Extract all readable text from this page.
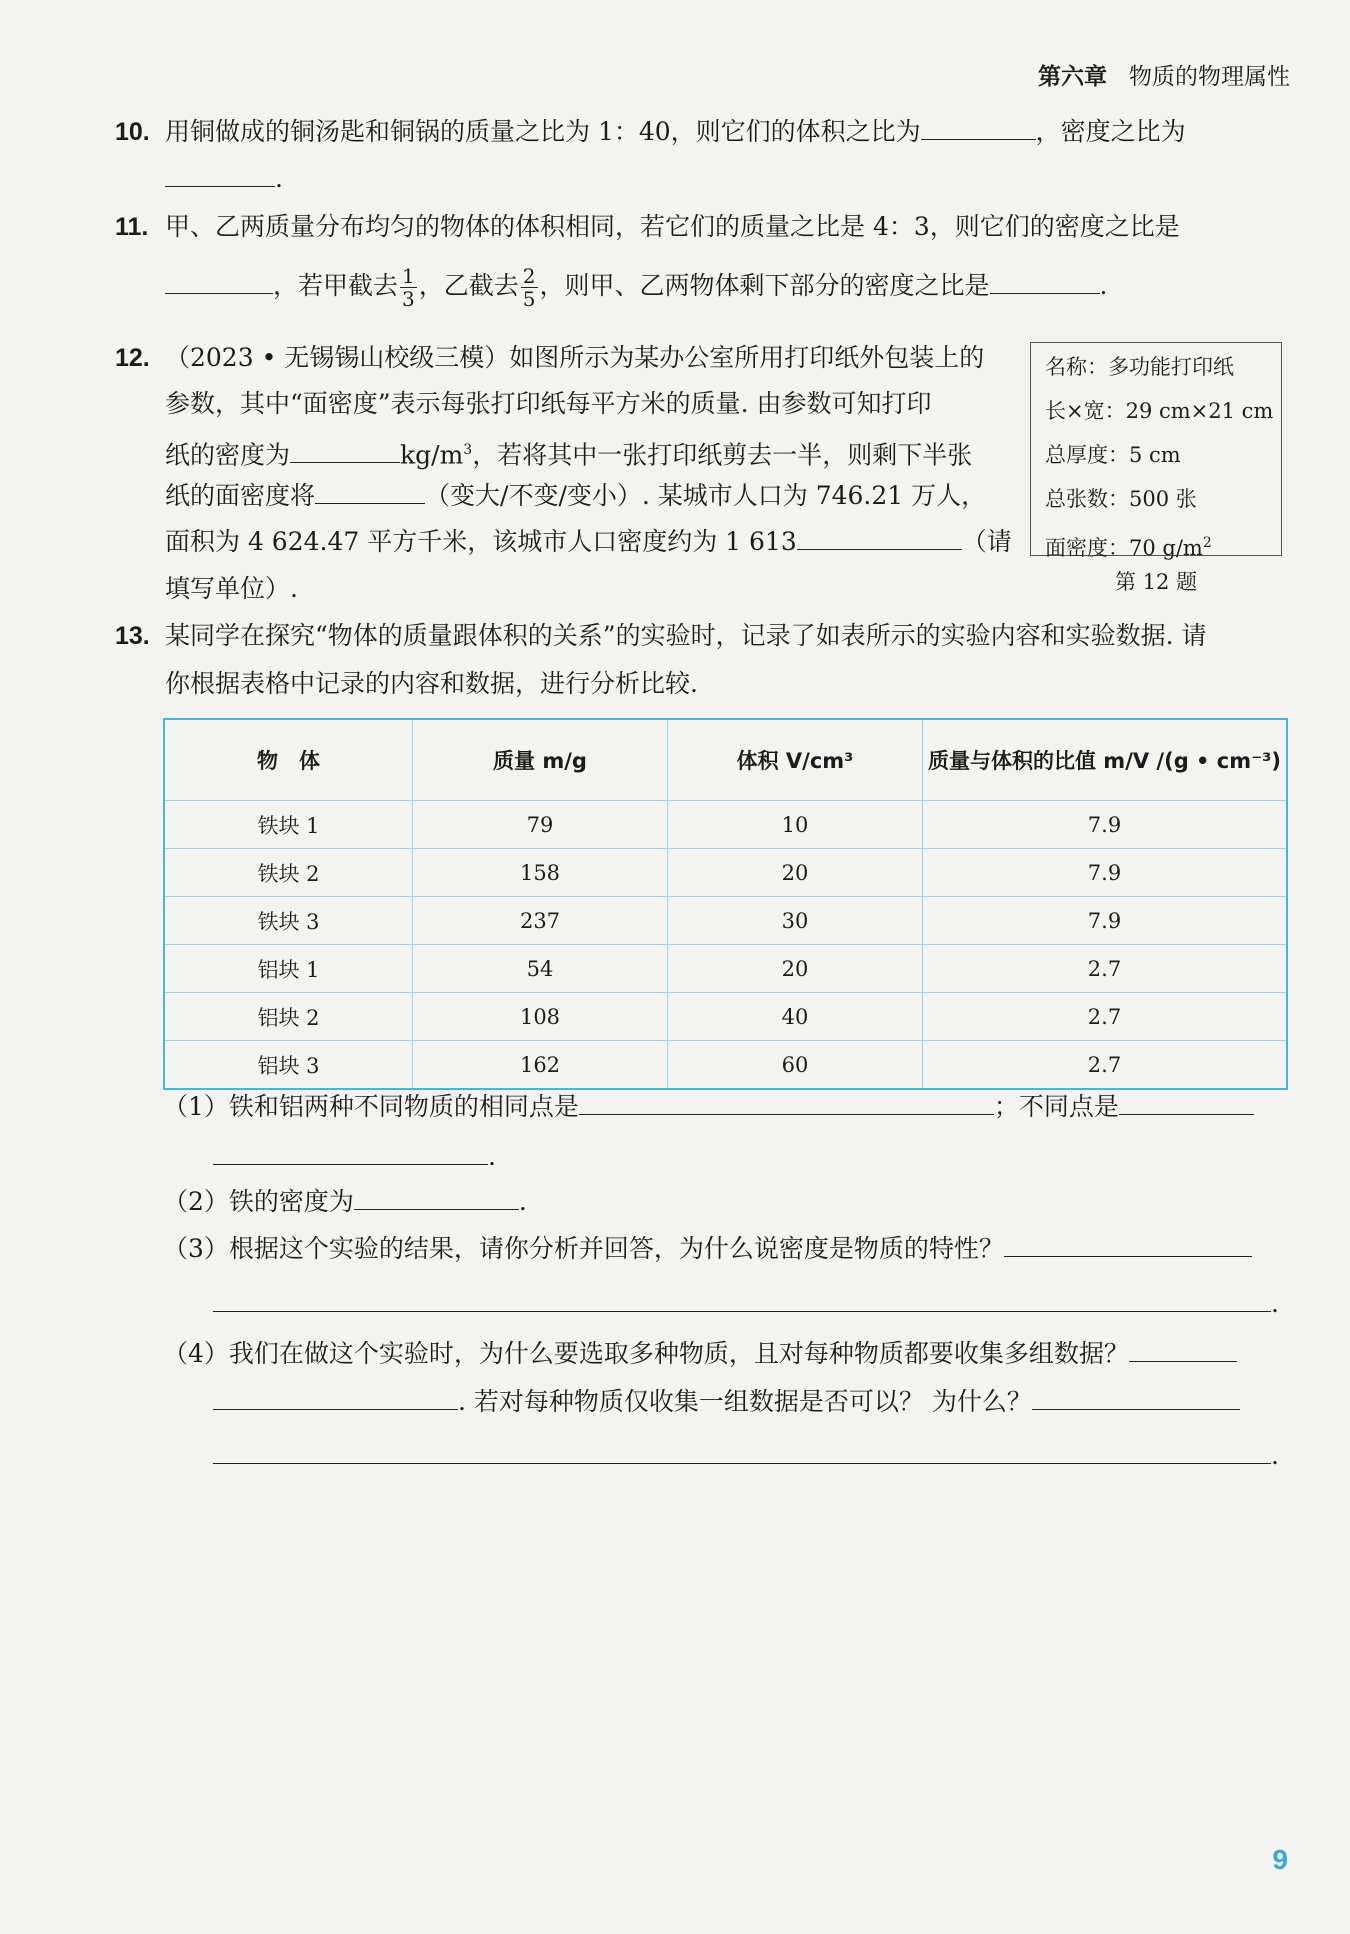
第六章 物质的物理属性
10. 用铜做成的铜汤匙和铜锅的质量之比为 1：40，则它们的体积之比为	，密度之比为
.
11. 甲、乙两质量分布均匀的物体的体积相同，若它们的质量之比是 4：3，则它们的密度之比是
，若甲截去 $\frac{1}{3}$ ，乙截去 $\frac{2}{5}$ ，则甲、乙两物体剩下部分的密度之比是	.
12. （2023 • 无锡锡山校级三模）如图所示为某办公室所用打印纸外包装上的
参数，其中“面密度”表示每张打印纸每平方米的质量. 由参数可知打印
纸的密度为	$kg/m^3$，若将其中一张打印纸剪去一半，则剩下半张
纸的面密度将	（变大/不变/变小）. 某城市人口为 746.21 万人，
面积为 4 624.47 平方千米，该城市人口密度约为 1 613	（请
填写单位）.
名称：多功能打印纸
长×宽：29 cm×21 cm
总厚度：5 cm
总张数：500 张
面密度：70 $g/m^2$
第 12 题
13. 某同学在探究“物体的质量跟体积的关系”的实验时，记录了如表所示的实验内容和实验数据. 请
你根据表格中记录的内容和数据，进行分析比较.
物　体	质量 m/g	体积 V/cm³	质量与体积的比值 m/V /(g • cm⁻³)
铁块 1	79	10	7.9
铁块 2	158	20	7.9
铁块 3	237	30	7.9
铝块 1	54	20	2.7
铝块 2	108	40	2.7
铝块 3	162	60	2.7
（1）铁和铝两种不同物质的相同点是	；不同点是
.
（2）铁的密度为	.
（3）根据这个实验的结果，请你分析并回答，为什么说密度是物质的特性？
.
（4）我们在做这个实验时，为什么要选取多种物质，且对每种物质都要收集多组数据？
. 若对每种物质仅收集一组数据是否可以？ 为什么？
.
9
